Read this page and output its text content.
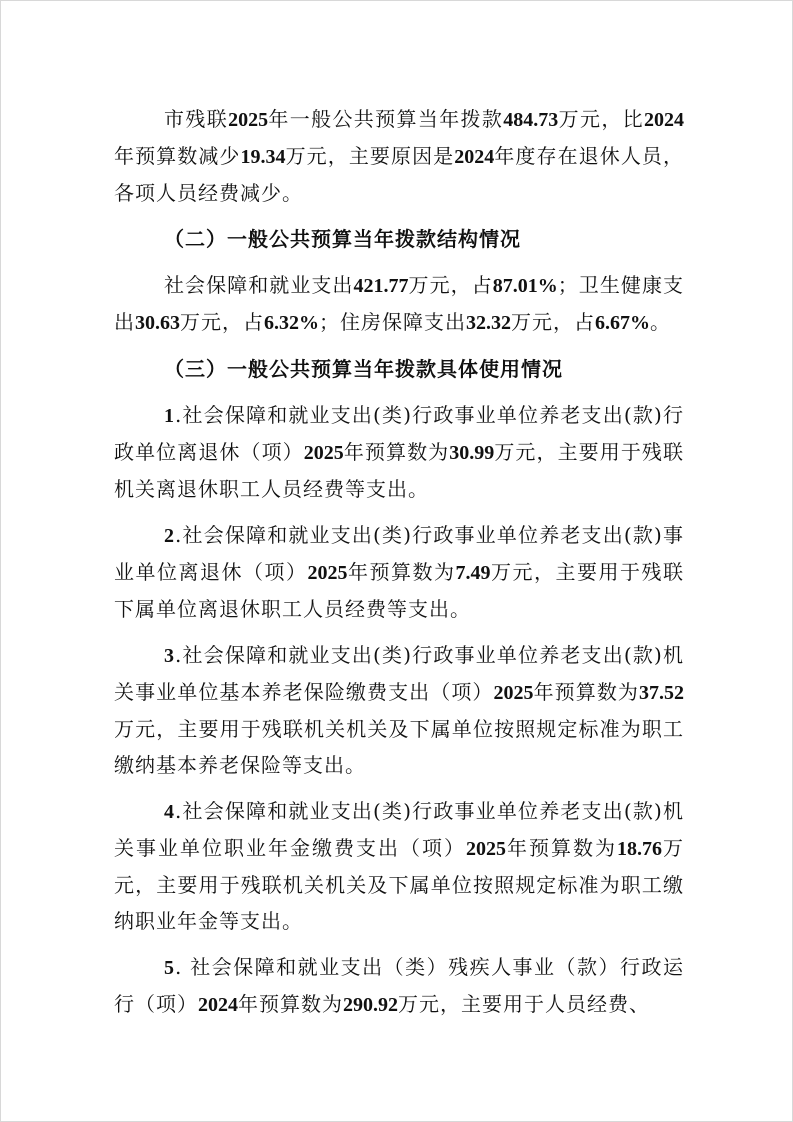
市残联2025年一般公共预算当年拨款484.73万元，比2024年预算数减少19.34万元，主要原因是2024年度存在退休人员，各项人员经费减少。

（二）一般公共预算当年拨款结构情况

社会保障和就业支出421.77万元，占87.01%；卫生健康支出30.63万元，占6.32%；住房保障支出32.32万元，占6.67%。

（三）一般公共预算当年拨款具体使用情况

1.社会保障和就业支出(类)行政事业单位养老支出(款)行政单位离退休（项）2025年预算数为30.99万元，主要用于残联机关离退休职工人员经费等支出。

2.社会保障和就业支出(类)行政事业单位养老支出(款)事业单位离退休（项）2025年预算数为7.49万元，主要用于残联下属单位离退休职工人员经费等支出。

3.社会保障和就业支出(类)行政事业单位养老支出(款)机关事业单位基本养老保险缴费支出（项）2025年预算数为37.52万元，主要用于残联机关机关及下属单位按照规定标准为职工缴纳基本养老保险等支出。

4.社会保障和就业支出(类)行政事业单位养老支出(款)机关事业单位职业年金缴费支出（项）2025年预算数为18.76万元，主要用于残联机关机关及下属单位按照规定标准为职工缴纳职业年金等支出。

5. 社会保障和就业支出（类）残疾人事业（款）行政运行（项）2024年预算数为290.92万元，主要用于人员经费、
